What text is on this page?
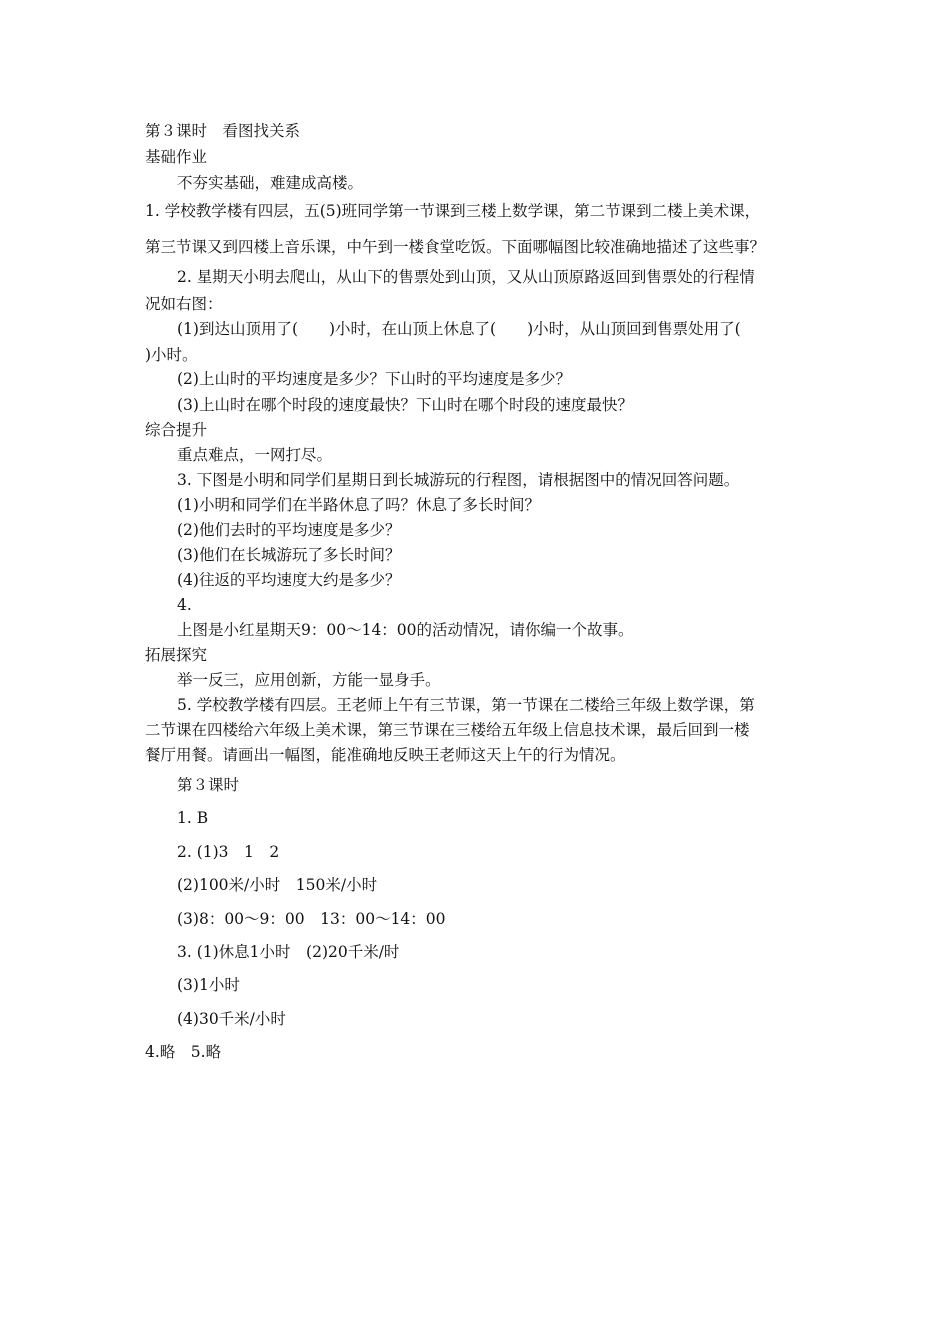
第３课时　看图找关系
基础作业
不夯实基础，难建成高楼。
1. 学校教学楼有四层，五(5)班同学第一节课到三楼上数学课，第二节课到二楼上美术课，
第三节课又到四楼上音乐课，中午到一楼食堂吃饭。下面哪幅图比较准确地描述了这些事？
2. 星期天小明去爬山，从山下的售票处到山顶，又从山顶原路返回到售票处的行程情
况如右图：
(1)到达山顶用了(　　)小时，在山顶上休息了(　　)小时，从山顶回到售票处用了(
)小时。
(2)上山时的平均速度是多少？下山时的平均速度是多少？
(3)上山时在哪个时段的速度最快？下山时在哪个时段的速度最快？
综合提升
重点难点，一网打尽。
3. 下图是小明和同学们星期日到长城游玩的行程图，请根据图中的情况回答问题。
(1)小明和同学们在半路休息了吗？休息了多长时间？
(2)他们去时的平均速度是多少？
(3)他们在长城游玩了多长时间？
(4)往返的平均速度大约是多少？
4.
上图是小红星期天9：00～14：00的活动情况，请你编一个故事。
拓展探究
举一反三，应用创新，方能一显身手。
5. 学校教学楼有四层。王老师上午有三节课，第一节课在二楼给三年级上数学课，第
二节课在四楼给六年级上美术课，第三节课在三楼给五年级上信息技术课，最后回到一楼
餐厅用餐。请画出一幅图，能准确地反映王老师这天上午的行为情况。
第３课时
1. B
2. (1)3　1　2
(2)100米/小时　150米/小时
(3)8：00～9：00　13：00～14：00
3. (1)休息1小时　(2)20千米/时
(3)1小时
(4)30千米/小时
4.略　5.略
